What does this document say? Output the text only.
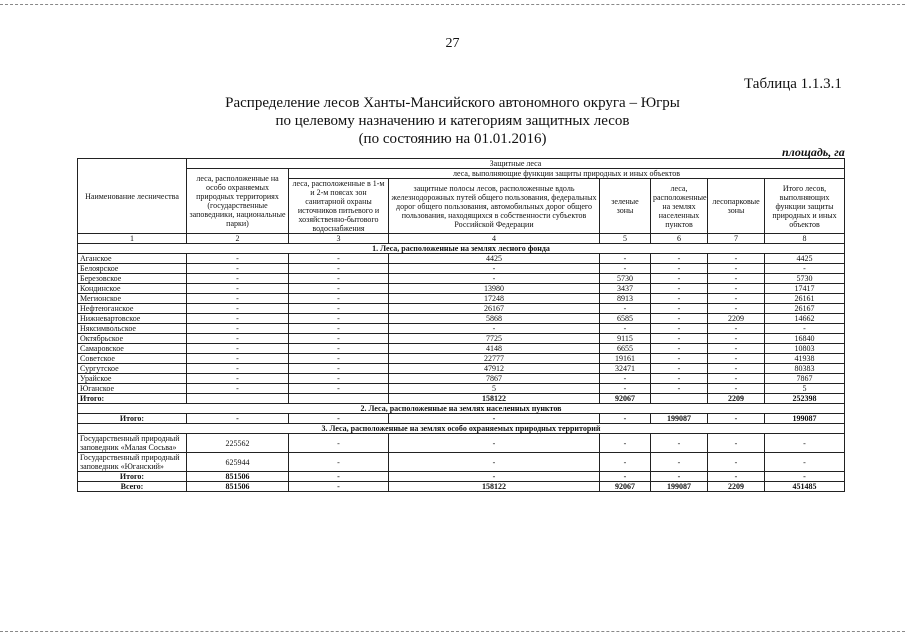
27
Таблица 1.1.3.1
Распределение лесов Ханты-Мансийского автономного округа – Югры
по целевому назначению и категориям защитных лесов
(по состоянию на 01.01.2016)
площадь, га
Наименование лесничества	Защитные леса						
	леса, расположенные на особо охраняемых природных территориях (государственные заповедники, национальные парки)	леса, выполняющие функции защиты природных и иных объектов					
		леса, расположенные в 1-м и 2-м поясах зон санитарной охраны источников питьевого и хозяйственно-бытового водоснабжения	защитные полосы лесов, расположенные вдоль железнодорожных путей общего пользования, федеральных дорог общего пользования, автомобильных дорог общего пользования, находящихся в собственности субъектов Российской Федерации	зеленые зоны	леса, расположенные на землях населенных пунктов	лесопарковые зоны	Итого лесов, выполняющих функции защиты природных и иных объектов

1	2	3	4	5	6	7	8
1. Леса, расположенные на землях лесного фонда							
Аганское	-	-	4425	-	-	-	4425
Белоярское	-	-	-	-	-	-	-
Березовское	-	-	-	5730	-	-	5730
Кондинское	-	-	13980	3437	-	-	17417
Мегионское	-	-	17248	8913	-	-	26161
Нефтеюганское	-	-	26167	-	-	-	26167
Нижневартовское	-	-	5868	6585	-	2209	14662
Няксимвольское	-	-	-	-	-	-	-
Октябрьское	-	-	7725	9115	-	-	16840
Самаровское	-	-	4148	6655	-	-	10803
Советское	-	-	22777	19161	-	-	41938
Сургутское	-	-	47912	32471	-	-	80383
Урайское	-	-	7867	-	-	-	7867
Юганское	-	-	5	-	-	-	5
Итого:			158122	92067		2209	252398
2. Леса, расположенные на землях населенных пунктов							
Итого:	-	-	-	-	199087	-	199087
3. Леса, расположенные на землях особо охраняемых природных территорий							
Государственный природный заповедник «Малая Сосьва»	225562	-	-	-	-	-	-
Государственный природный заповедник «Юганский»	625944	-	-	-	-	-	-
Итого:	851506	-	-	-	-	-	-
Всего:	851506	-	158122	92067	199087	2209	451485
